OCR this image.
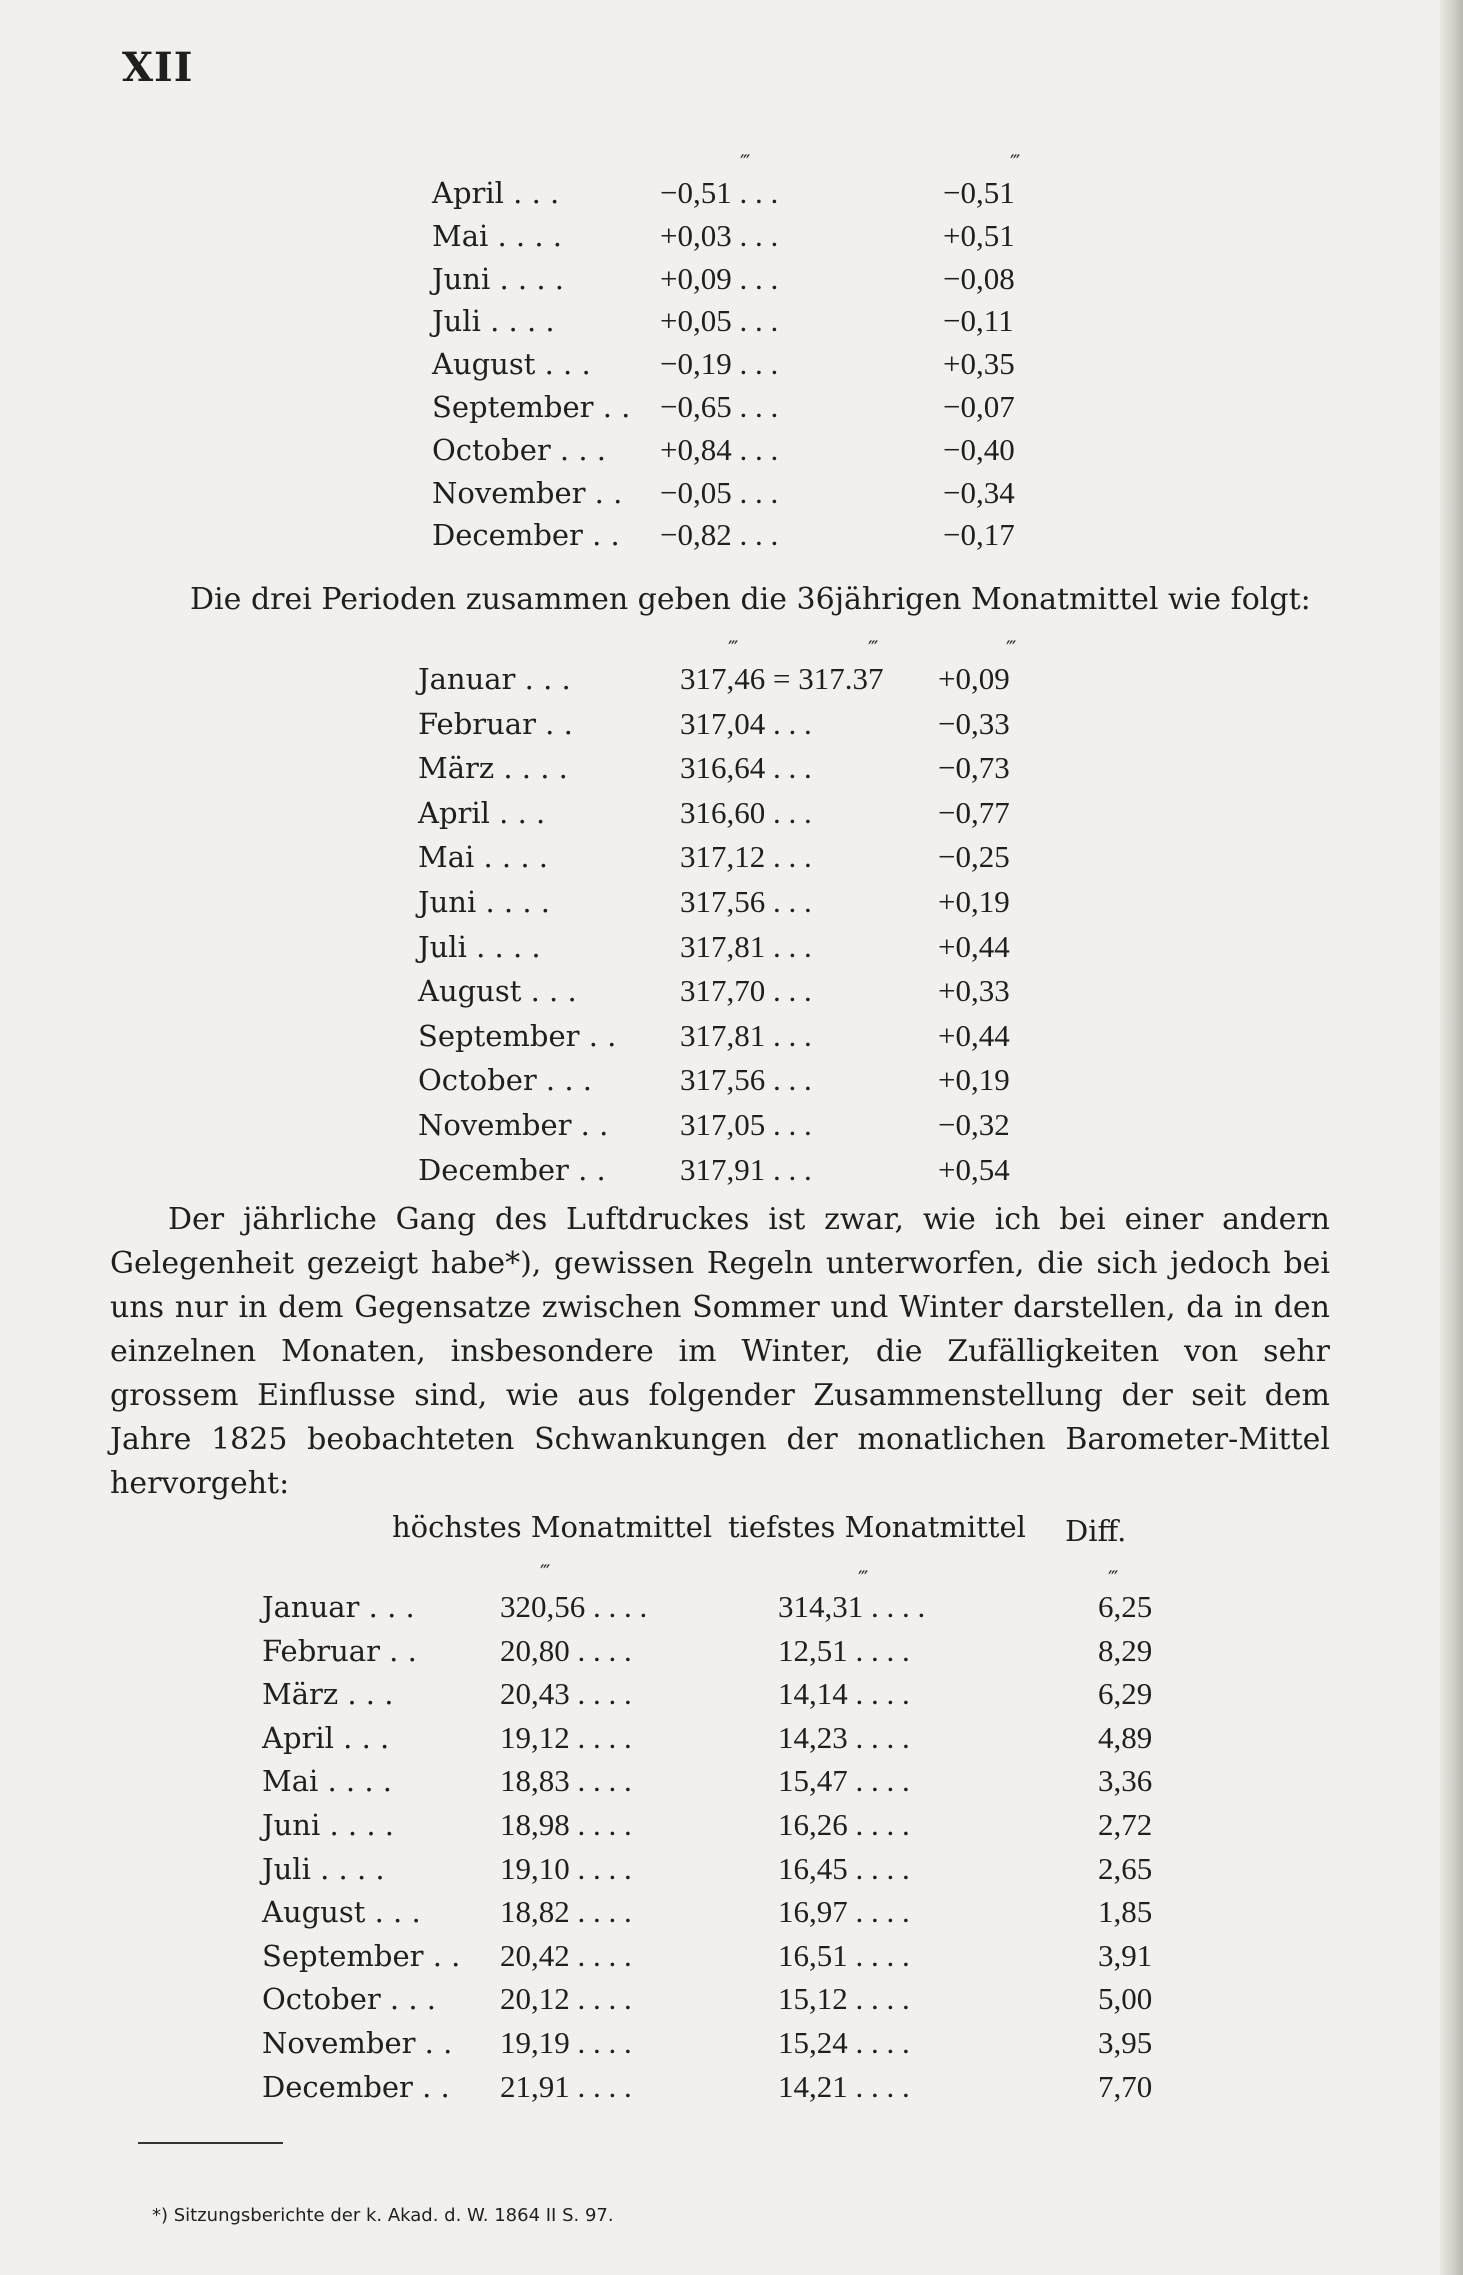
XII
‴	‴
April . . .	−0,51 . . .	−0,51
Mai . . . .	+0,03 . . .	+0,51
Juni . . . .	+0,09 . . .	−0,08
Juli . . . .	+0,05 . . .	−0,11
August . . . −0,19 . . .	+0,35
September . . −0,65 . . .	−0,07
October . . . +0,84 . . .	−0,40
November . . −0,05 . . .	−0,34
December . . −0,82 . . .	−0,17
Die drei Perioden zusammen geben die 36jährigen Monatmittel wie folgt:
‴	‴	‴
Januar . . .	317,46 = 317.37 +0,09
Februar . .	317,04 . . .	−0,33
März . . . .	316,64 . . .	−0,73
April . . .	316,60 . . .	−0,77
Mai . . . .	317,12 . . .	−0,25
Juni . . . .	317,56 . . .	+0,19
Juli . . . .	317,81 . . .	+0,44
August . . .	317,70 . . .	+0,33
September . . 317,81 . . .	+0,44
October . . .	317,56 . . .	+0,19
November . . 317,05 . . .	−0,32
December . . 317,91 . . .	+0,54
Der jährliche Gang des Luftdruckes ist zwar, wie ich bei einer andern Gelegenheit gezeigt habe*), gewissen Regeln unterworfen, die sich jedoch bei uns nur in dem Gegensatze zwischen Sommer und Winter darstellen, da in den einzelnen Monaten, insbesondere im Winter, die Zufälligkeiten von sehr grossem Einflusse sind, wie aus folgender Zusammenstellung der seit dem Jahre 1825 beobachteten Schwankungen der monatlichen Barometer-Mittel hervorgeht:
höchstes Monatmittel tiefstes Monatmittel Diff.
‴	‴	‴
Januar . . .	320,56 . . . .	314,31 . . . .	6,25
Februar . .	20,80 . . . .	12,51 . . . .	8,29
März . . .	20,43 . . . .	14,14 . . . .	6,29
April . . .	19,12 . . . .	14,23 . . . .	4,89
Mai . . . .	18,83 . . . .	15,47 . . . .	3,36
Juni . . . .	18,98 . . . .	16,26 . . . .	2,72
Juli . . . .	19,10 . . . .	16,45 . . . .	2,65
August . . .	18,82 . . . .	16,97 . . . .	1,85
September . . 20,42 . . . .	16,51 . . . .	3,91
October . . . 20,12 . . . .	15,12 . . . .	5,00
November . . 19,19 . . . .	15,24 . . . .	3,95
December . . 21,91 . . . .	14,21 . . . .	7,70
*) Sitzungsberichte der k. Akad. d. W. 1864 II S. 97.
